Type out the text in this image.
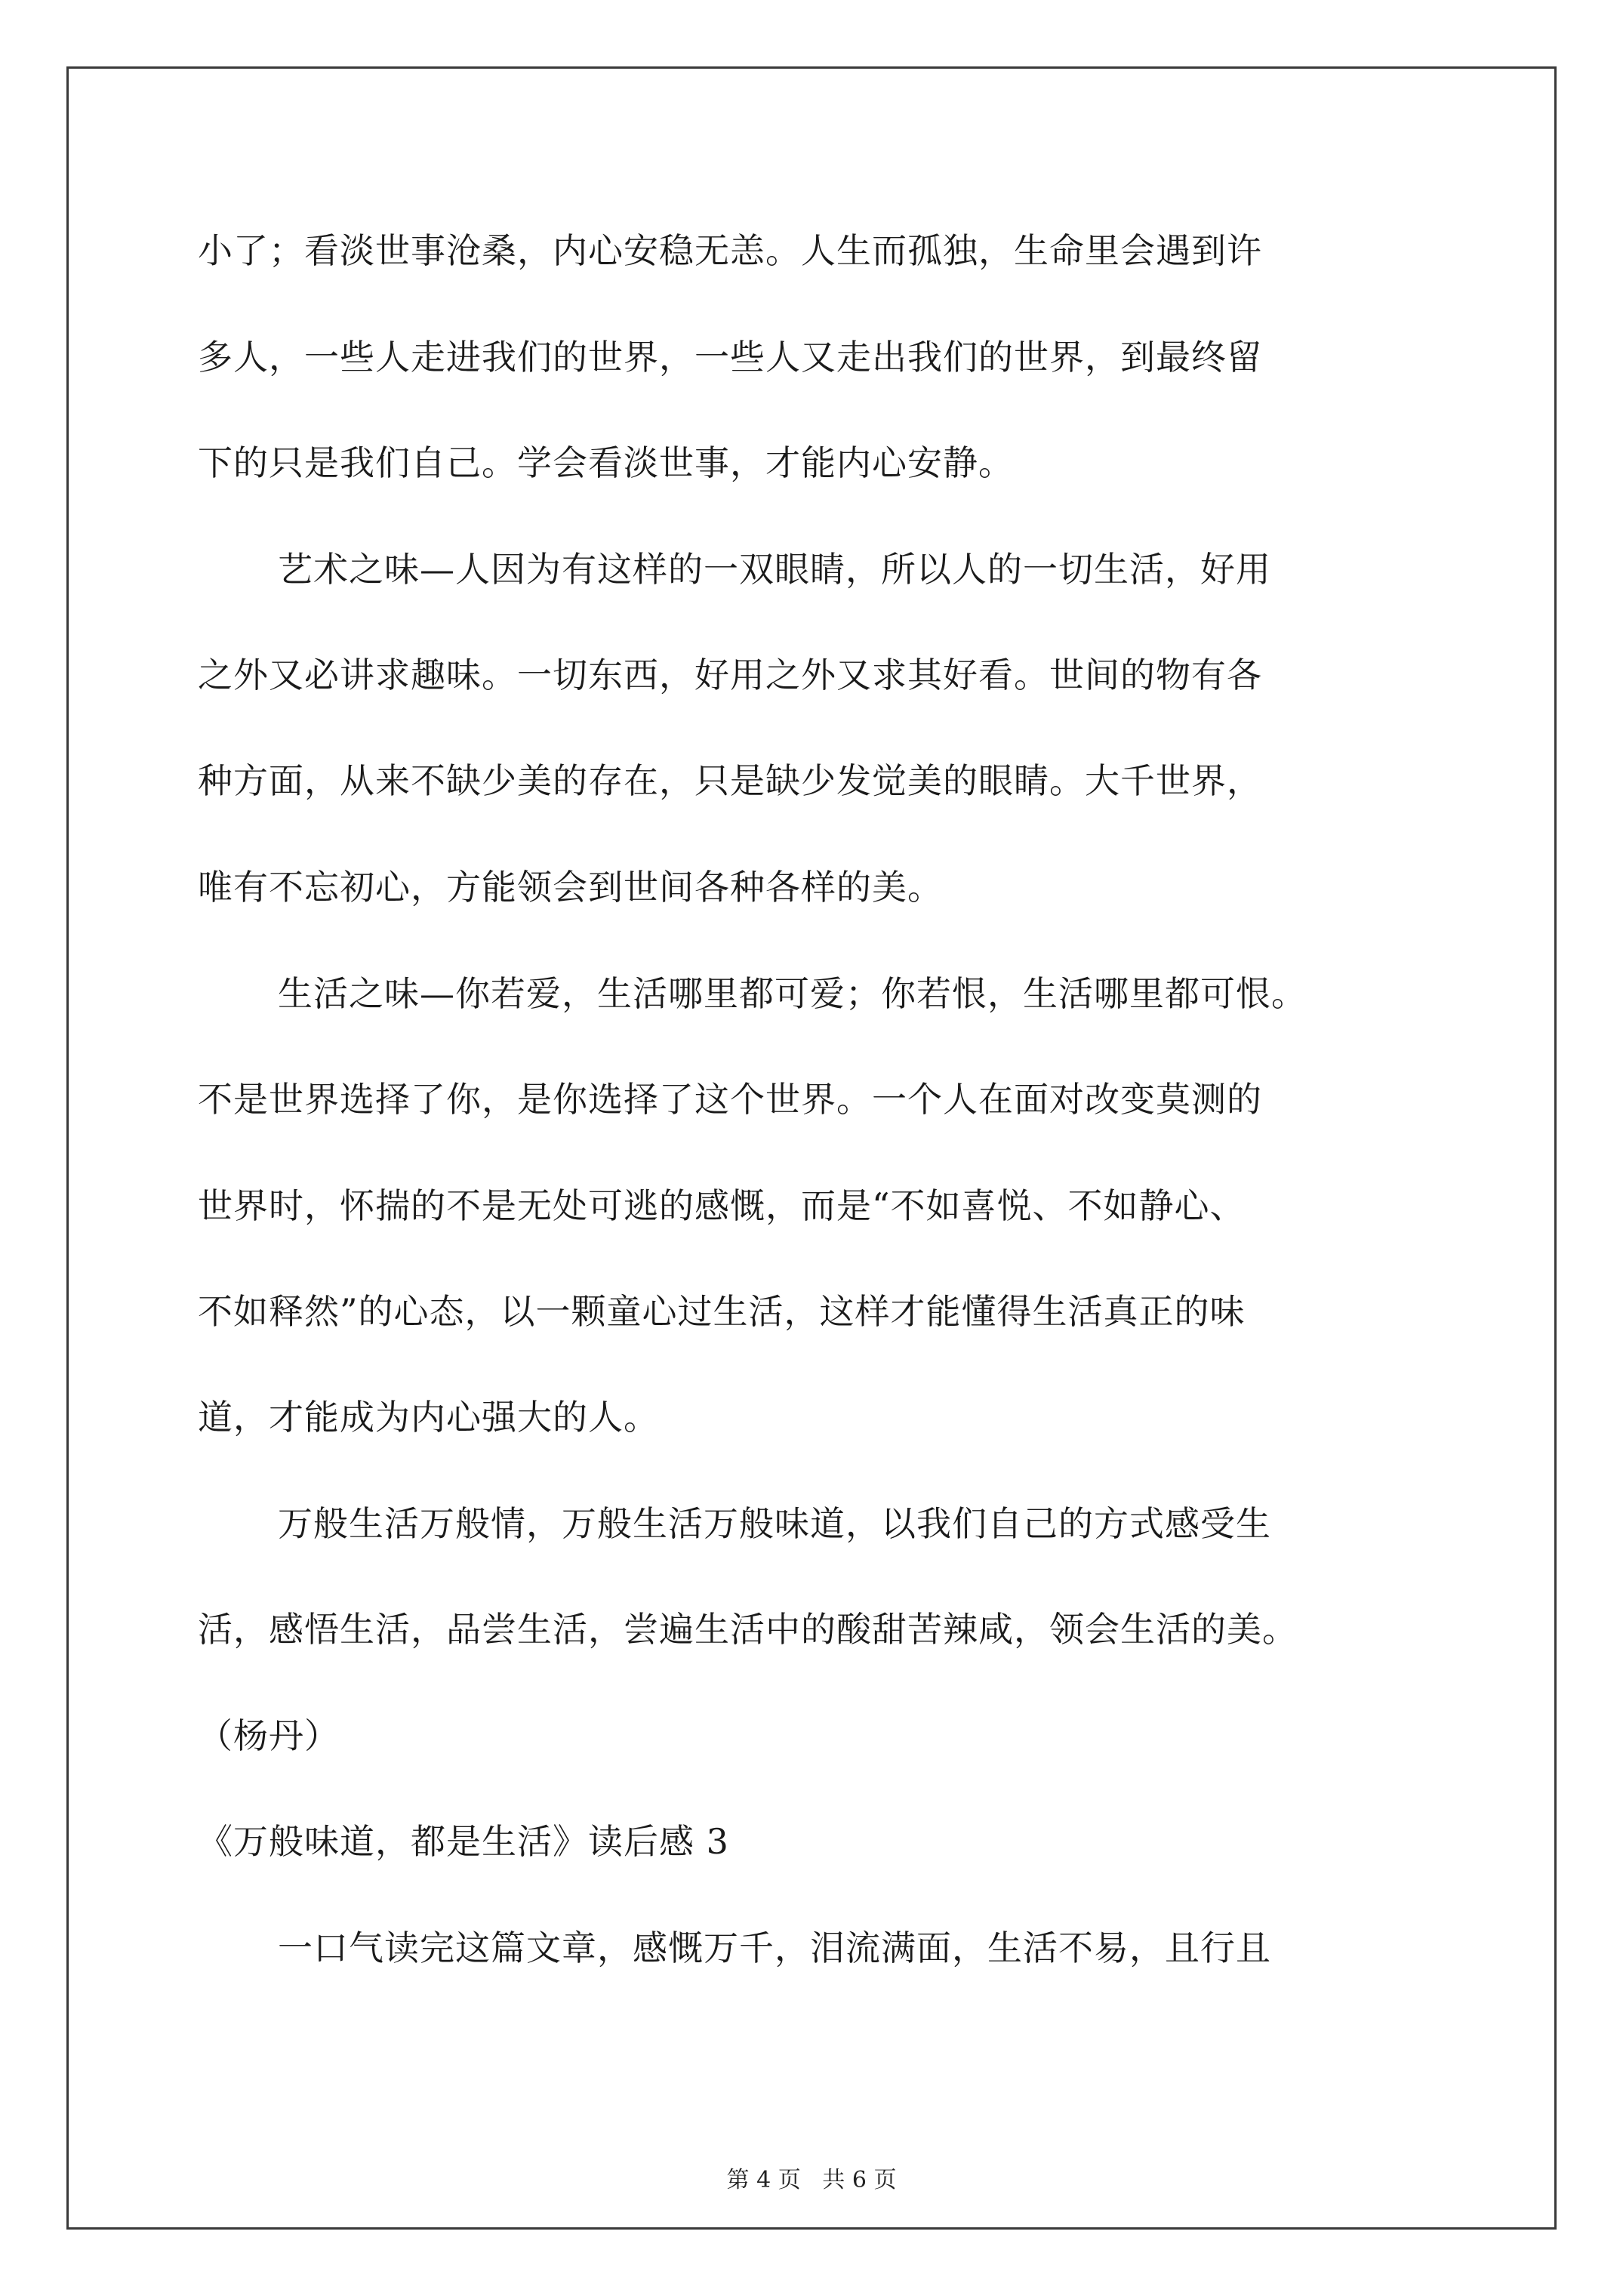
小了；看淡世事沧桑，内心安稳无恙。人生而孤独，生命里会遇到许
多人，一些人走进我们的世界，一些人又走出我们的世界，到最终留
下的只是我们自己。学会看淡世事，才能内心安静。
艺术之味—人因为有这样的一双眼睛，所以人的一切生活，好用
之外又必讲求趣味。一切东西，好用之外又求其好看。世间的物有各
种方面，从来不缺少美的存在，只是缺少发觉美的眼睛。大千世界，
唯有不忘初心，方能领会到世间各种各样的美。
生活之味—你若爱，生活哪里都可爱；你若恨，生活哪里都可恨。
不是世界选择了你，是你选择了这个世界。一个人在面对改变莫测的
世界时，怀揣的不是无处可逃的感慨，而是“不如喜悦、不如静心、
不如释然”的心态，以一颗童心过生活，这样才能懂得生活真正的味
道，才能成为内心强大的人。
万般生活万般情，万般生活万般味道，以我们自己的方式感受生
活，感悟生活，品尝生活，尝遍生活中的酸甜苦辣咸，领会生活的美。
（杨丹）
《万般味道，都是生活》读后感 3
一口气读完这篇文章，感慨万千，泪流满面，生活不易，且行且
第 4 页   共 6 页
